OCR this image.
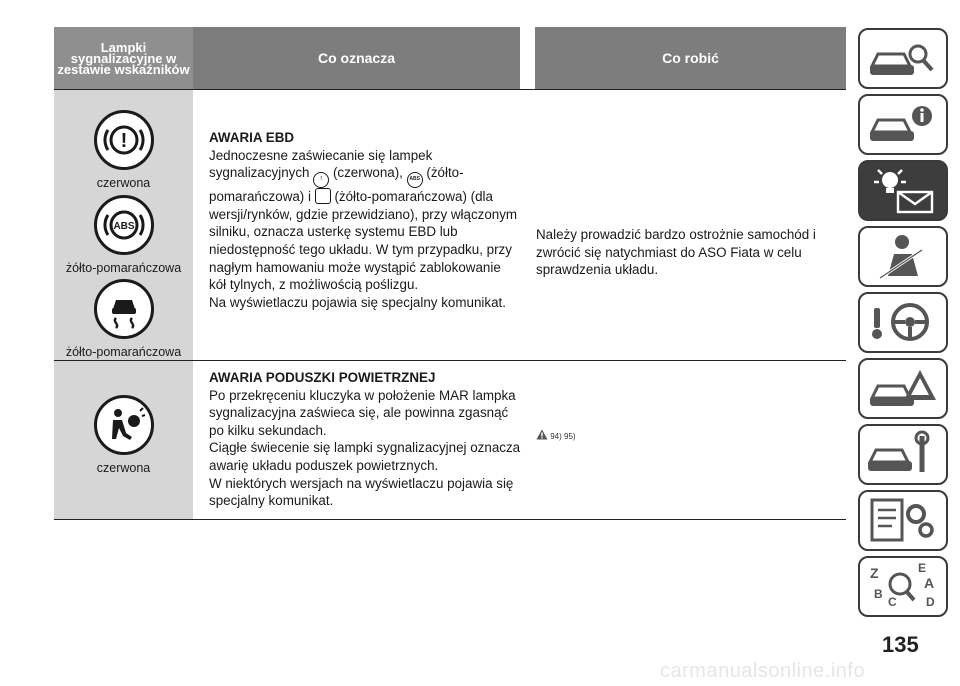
Lampki sygnalizacyjne w zestawie wskaźników
Co oznacza	Co robić
!
czerwona
ABS
żółto-pomarańczowa
żółto-pomarańczowa
AWARIA EBD
Jednoczesne zaświecanie się lampek sygnalizacyjnych ! (czerwona), ABS (żółto-pomarańczowa) i (żółto-pomarańczowa) (dla wersji/rynków, gdzie przewidziano), przy włączonym silniku, oznacza usterkę systemu EBD lub niedostępność tego układu. W tym przypadku, przy nagłym hamowaniu może wystąpić zablokowanie kół tylnych, z możliwością poślizgu.
Na wyświetlaczu pojawia się specjalny komunikat.
Należy prowadzić bardzo ostrożnie samochód i zwrócić się natychmiast do ASO Fiata w celu sprawdzenia układu.
czerwona
AWARIA PODUSZKI POWIETRZNEJ
Po przekręceniu kluczyka w położenie MAR lampka sygnalizacyjna zaświeca się, ale powinna zgasnąć po kilku sekundach.
Ciągłe świecenie się lampki sygnalizacyjnej oznacza awarię układu poduszek powietrznych.
W niektórych wersjach na wyświetlaczu pojawia się specjalny komunikat.
94) 95)
Z	E
A
B
C D
135
carmanualsonline.info
